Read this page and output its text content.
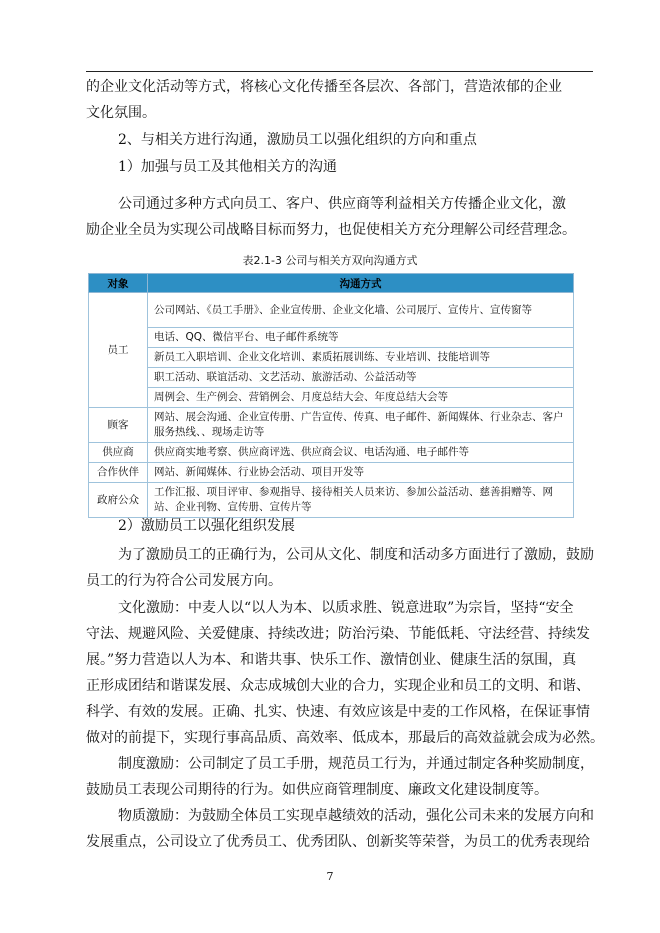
的企业文化活动等方式，将核心文化传播至各层次、各部门，营造浓郁的企业
文化氛围。
2、与相关方进行沟通，激励员工以强化组织的方向和重点
1）加强与员工及其他相关方的沟通
公司通过多种方式向员工、客户、供应商等利益相关方传播企业文化，激
励企业全员为实现公司战略目标而努力，也促使相关方充分理解公司经营理念。
表2.1-3 公司与相关方双向沟通方式
对象	沟通方式
员工	公司网站、《员工手册》、企业宣传册、企业文化墙、公司展厅、宣传片、宣传窗等
	电话、QQ、微信平台、电子邮件系统等
	新员工入职培训、企业文化培训、素质拓展训练、专业培训、技能培训等
	职工活动、联谊活动、文艺活动、旅游活动、公益活动等
	周例会、生产例会、营销例会、月度总结大会、年度总结大会等
顾客	网站、展会沟通、企业宣传册、广告宣传、传真、电子邮件、新闻媒体、行业杂志、客户服务热线、、现场走访等
供应商	供应商实地考察、供应商评选、供应商会议、电话沟通、电子邮件等
合作伙伴	网站、新闻媒体、行业协会活动、项目开发等
政府公众	工作汇报、项目评审、参观指导、接待相关人员来访、参加公益活动、慈善捐赠等、网站、企业刊物、宣传册、宣传片等
2）激励员工以强化组织发展
为了激励员工的正确行为，公司从文化、制度和活动多方面进行了激励，鼓励
员工的行为符合公司发展方向。
文化激励：中麦人以“以人为本、以质求胜、锐意进取”为宗旨，坚持“安全
守法、规避风险、关爱健康、持续改进；防治污染、节能低耗、守法经营、持续发
展。”努力营造以人为本、和谐共事、快乐工作、激情创业、健康生活的氛围，真
正形成团结和谐谋发展、众志成城创大业的合力，实现企业和员工的文明、和谐、
科学、有效的发展。正确、扎实、快速、有效应该是中麦的工作风格，在保证事情
做对的前提下，实现行事高品质、高效率、低成本，那最后的高效益就会成为必然。
制度激励：公司制定了员工手册，规范员工行为，并通过制定各种奖励制度，
鼓励员工表现公司期待的行为。如供应商管理制度、廉政文化建设制度等。
物质激励：为鼓励全体员工实现卓越绩效的活动，强化公司未来的发展方向和
发展重点，公司设立了优秀员工、优秀团队、创新奖等荣誉，为员工的优秀表现给
7
